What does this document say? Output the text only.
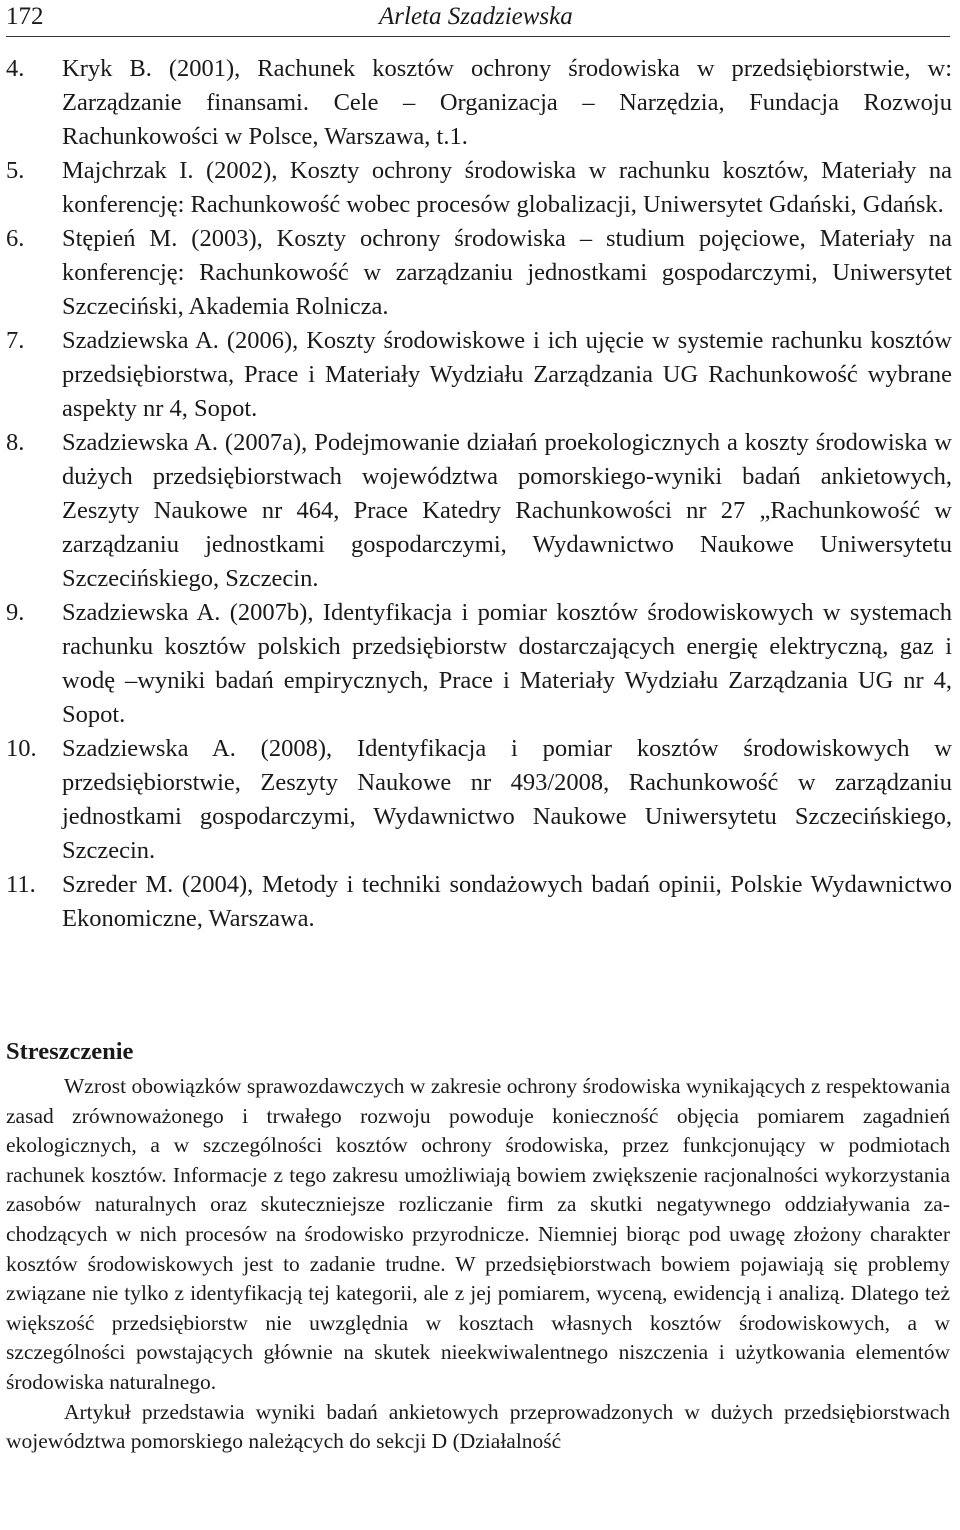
172	Arleta Szadziewska
4. Kryk B. (2001), Rachunek kosztów ochrony środowiska w przedsiębiorstwie, w: Zarządzanie finansami. Cele – Organizacja – Narzędzia, Fundacja Rozwoju Rachunkowości w Polsce, Warszawa, t.1.
5. Majchrzak I. (2002), Koszty ochrony środowiska w rachunku kosztów, Materiały na konferencję: Rachunkowość wobec procesów globalizacji, Uniwersytet Gdański, Gdańsk.
6. Stępień M. (2003), Koszty ochrony środowiska – studium pojęciowe, Materiały na konferencję: Rachunkowość w zarządzaniu jednostkami gospodarczymi, Uniwersytet Szczeciński, Akademia Rolnicza.
7. Szadziewska A. (2006), Koszty środowiskowe i ich ujęcie w systemie rachunku kosztów przedsiębiorstwa, Prace i Materiały Wydziału Zarządzania UG Rachunkowość wybrane aspekty nr 4, Sopot.
8. Szadziewska A. (2007a), Podejmowanie działań proekologicznych a koszty środowiska w dużych przedsiębiorstwach województwa pomorskiego-wyniki badań ankietowych, Zeszyty Naukowe nr 464, Prace Katedry Rachunkowości nr 27 „Rachunkowość w zarządzaniu jednostkami gospodarczymi, Wydawnictwo Naukowe Uniwersytetu Szczecińskiego, Szczecin.
9. Szadziewska A. (2007b), Identyfikacja i pomiar kosztów środowiskowych w systemach rachunku kosztów polskich przedsiębiorstw dostarczających energię elektryczną, gaz i wodę –wyniki badań empirycznych, Prace i Materiały Wydziału Zarządzania UG nr 4, Sopot.
10. Szadziewska A. (2008), Identyfikacja i pomiar kosztów środowiskowych w przedsiębiorstwie, Zeszyty Naukowe nr 493/2008, Rachunkowość w zarządzaniu jednostkami gospodarczymi, Wydawnictwo Naukowe Uniwersytetu Szczecińskiego, Szczecin.
11. Szreder M. (2004), Metody i techniki sondażowych badań opinii, Polskie Wydawnictwo Ekonomiczne, Warszawa.
Streszczenie

Wzrost obowiązków sprawozdawczych w zakresie ochrony środowiska wynikających z respektowania zasad zrównoważonego i trwałego rozwoju powoduje konieczność objęcia pomiarem zagadnień ekologicznych, a w szczególności kosztów ochrony środowiska, przez funkcjonujący w podmiotach rachunek kosztów. Informacje z tego zakresu umożliwiają bowiem zwiększenie racjonalności wykorzystania zasobów naturalnych oraz skuteczniejsze rozliczanie firm za skutki negatywnego oddziaływania zachodzących w nich procesów na środowisko przyrodnicze. Niemniej biorąc pod uwagę złożony charakter kosztów środowiskowych jest to zadanie trudne. W przedsiębiorstwach bowiem pojawiają się problemy związane nie tylko z identyfikacją tej kategorii, ale z jej pomiarem, wyceną, ewidencją i analizą. Dlatego też większość przedsiębiorstw nie uwzględnia w kosztach własnych kosztów środowiskowych, a w szczególności powstających głównie na skutek nieekwiwalentnego niszczenia i użytkowania elementów środowiska naturalnego.

Artykuł przedstawia wyniki badań ankietowych przeprowadzonych w dużych przedsiębiorstwach województwa pomorskiego należących do sekcji D (Działalność
